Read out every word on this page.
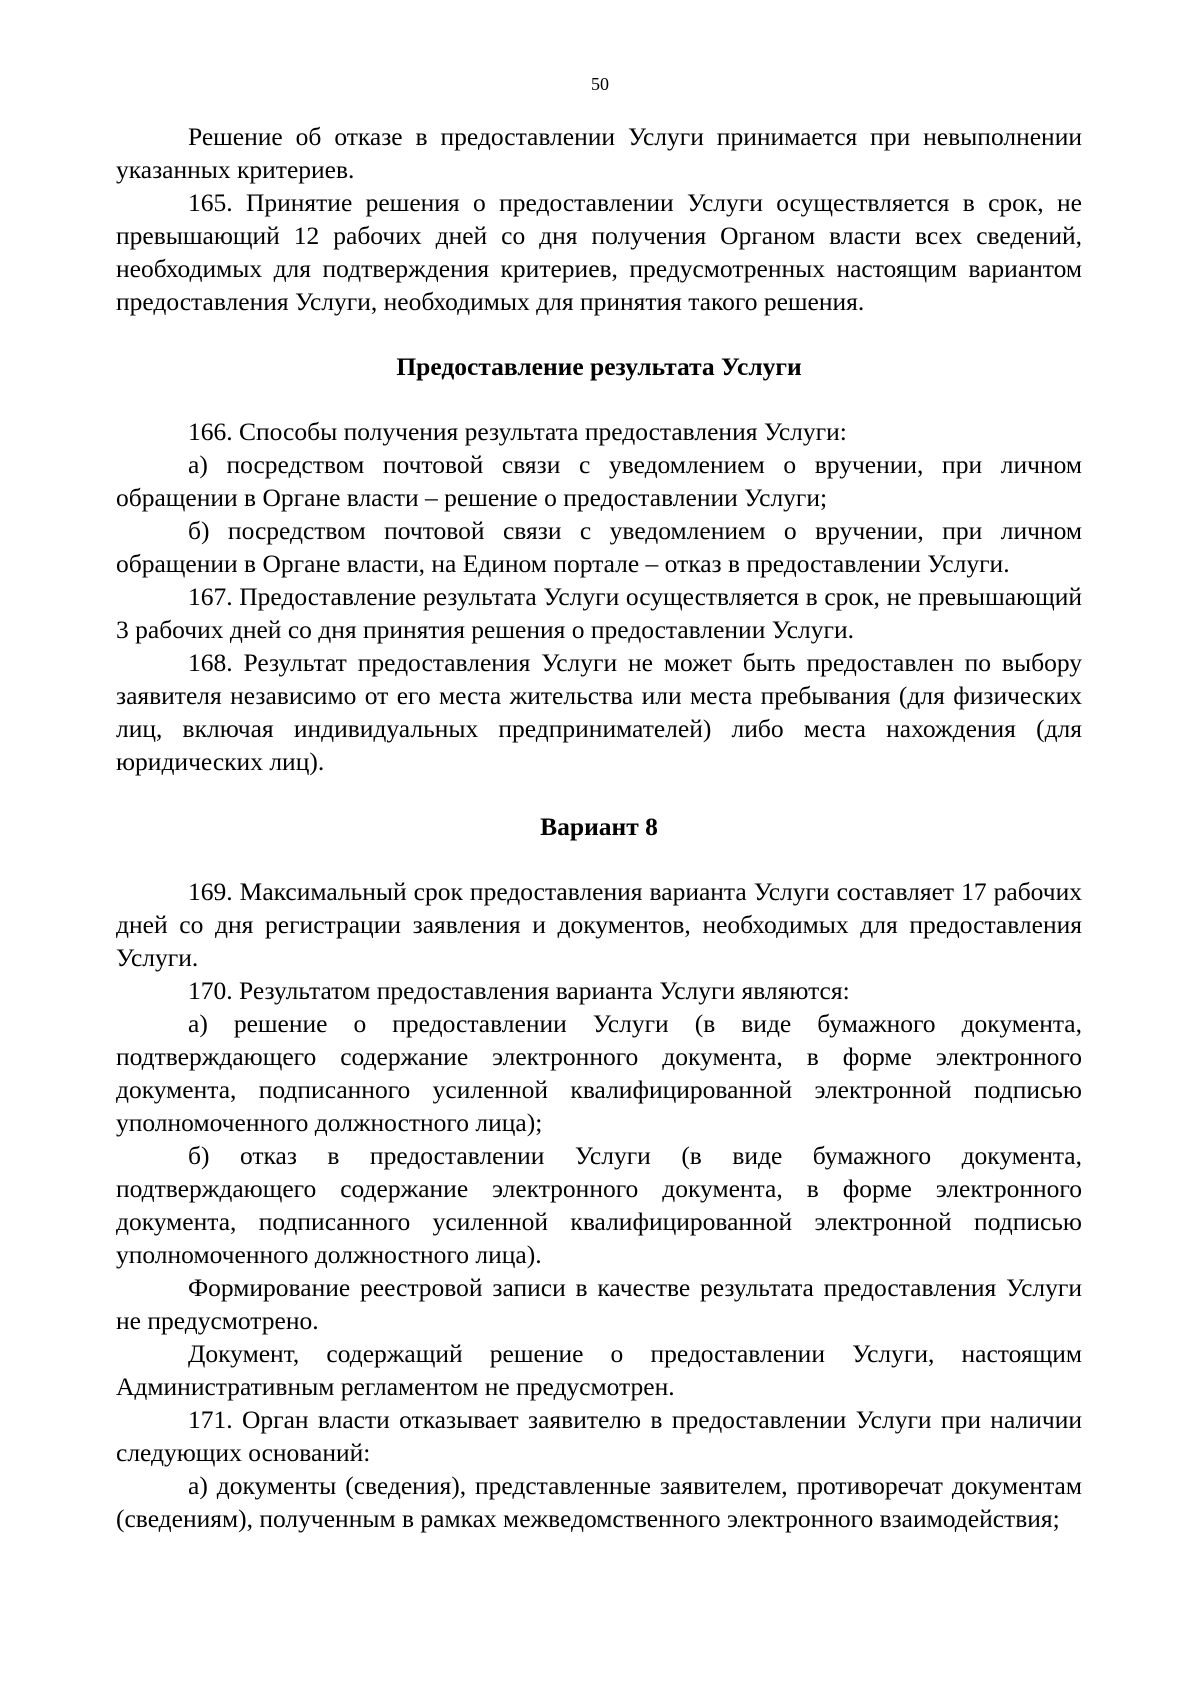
50

Решение об отказе в предоставлении Услуги принимается при невыполнении указанных критериев.

165. Принятие решения о предоставлении Услуги осуществляется в срок, не превышающий 12 рабочих дней со дня получения Органом власти всех сведений, необходимых для подтверждения критериев, предусмотренных настоящим вариантом предоставления Услуги, необходимых для принятия такого решения.

Предоставление результата Услуги

166. Способы получения результата предоставления Услуги:

а) посредством почтовой связи с уведомлением о вручении, при личном обращении в Органе власти – решение о предоставлении Услуги;

б) посредством почтовой связи с уведомлением о вручении, при личном обращении в Органе власти, на Едином портале – отказ в предоставлении Услуги.

167. Предоставление результата Услуги осуществляется в срок, не превышающий 3 рабочих дней со дня принятия решения о предоставлении Услуги.

168. Результат предоставления Услуги не может быть предоставлен по выбору заявителя независимо от его места жительства или места пребывания (для физических лиц, включая индивидуальных предпринимателей) либо места нахождения (для юридических лиц).

Вариант 8

169. Максимальный срок предоставления варианта Услуги составляет 17 рабочих дней со дня регистрации заявления и документов, необходимых для предоставления Услуги.

170. Результатом предоставления варианта Услуги являются:

а) решение о предоставлении Услуги (в виде бумажного документа, подтверждающего содержание электронного документа, в форме электронного документа, подписанного усиленной квалифицированной электронной подписью уполномоченного должностного лица);

б) отказ в предоставлении Услуги (в виде бумажного документа, подтверждающего содержание электронного документа, в форме электронного документа, подписанного усиленной квалифицированной электронной подписью уполномоченного должностного лица).

Формирование реестровой записи в качестве результата предоставления Услуги не предусмотрено.

Документ, содержащий решение о предоставлении Услуги, настоящим Административным регламентом не предусмотрен.

171. Орган власти отказывает заявителю в предоставлении Услуги при наличии следующих оснований:

а) документы (сведения), представленные заявителем, противоречат документам (сведениям), полученным в рамках межведомственного электронного взаимодействия;
